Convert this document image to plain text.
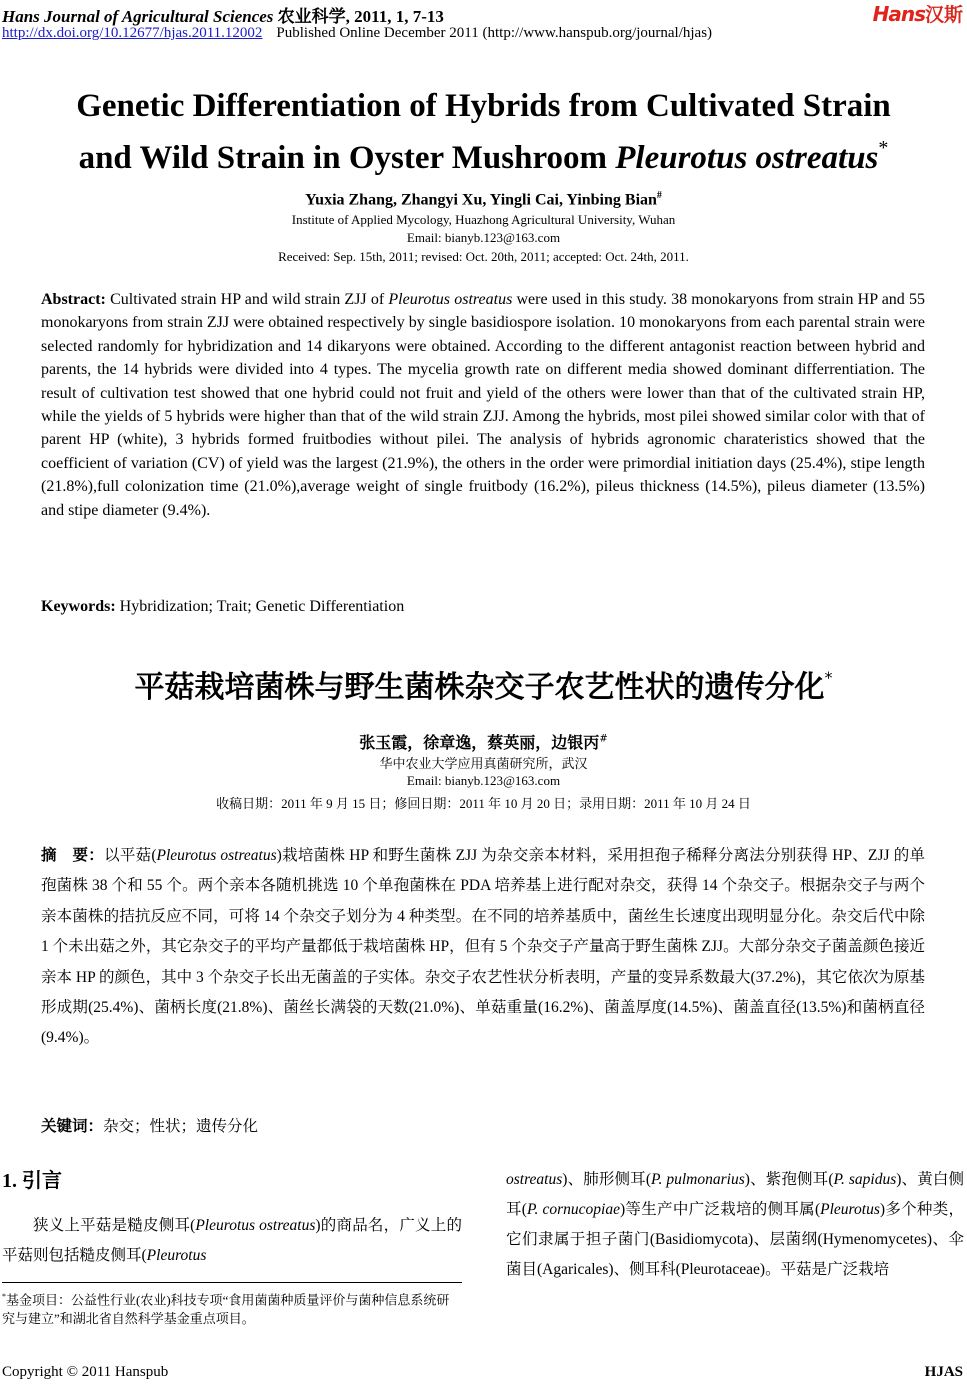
Hans Journal of Agricultural Sciences 农业科学, 2011, 1, 7-13	Hans汉斯
http://dx.doi.org/10.12677/hjas.2011.12002 Published Online December 2011 (http://www.hanspub.org/journal/hjas)
Genetic Differentiation of Hybrids from Cultivated Strain
and Wild Strain in Oyster Mushroom Pleurotus ostreatus*
Yuxia Zhang, Zhangyi Xu, Yingli Cai, Yinbing Bian#
Institute of Applied Mycology, Huazhong Agricultural University, Wuhan
Email: bianyb.123@163.com
Received: Sep. 15th, 2011; revised: Oct. 20th, 2011; accepted: Oct. 24th, 2011.
Abstract: Cultivated strain HP and wild strain ZJJ of Pleurotus ostreatus were used in this study. 38 monokaryons from strain HP and 55 monokaryons from strain ZJJ were obtained respectively by single basidiospore isolation. 10 monokaryons from each parental strain were selected randomly for hybridization and 14 dikaryons were obtained. According to the different antagonist reaction between hybrid and parents, the 14 hybrids were divided into 4 types. The mycelia growth rate on different media showed dominant differrentiation. The result of cultivation test showed that one hybrid could not fruit and yield of the others were lower than that of the cultivated strain HP, while the yields of 5 hybrids were higher than that of the wild strain ZJJ. Among the hybrids, most pilei showed similar color with that of parent HP (white), 3 hybrids formed fruitbodies without pilei. The analysis of hybrids agronomic charateristics showed that the coefficient of variation (CV) of yield was the largest (21.9%), the others in the order were primordial initiation days (25.4%), stipe length (21.8%),full colonization time (21.0%),average weight of single fruitbody (16.2%), pileus thickness (14.5%), pileus diameter (13.5%) and stipe diameter (9.4%).
Keywords: Hybridization; Trait; Genetic Differentiation
平菇栽培菌株与野生菌株杂交子农艺性状的遗传分化*
张玉霞，徐章逸，蔡英丽，边银丙#
华中农业大学应用真菌研究所，武汉
Email: bianyb.123@163.com
收稿日期：2011 年 9 月 15 日；修回日期：2011 年 10 月 20 日；录用日期：2011 年 10 月 24 日
摘　要：以平菇(Pleurotus ostreatus)栽培菌株 HP 和野生菌株 ZJJ 为杂交亲本材料，采用担孢子稀释分离法分别获得 HP、ZJJ 的单孢菌株 38 个和 55 个。两个亲本各随机挑选 10 个单孢菌株在 PDA 培养基上进行配对杂交，获得 14 个杂交子。根据杂交子与两个亲本菌株的拮抗反应不同，可将 14 个杂交子划分为 4 种类型。在不同的培养基质中，菌丝生长速度出现明显分化。杂交后代中除 1 个未出菇之外，其它杂交子的平均产量都低于栽培菌株 HP，但有 5 个杂交子产量高于野生菌株 ZJJ。大部分杂交子菌盖颜色接近亲本 HP 的颜色，其中 3 个杂交子长出无菌盖的子实体。杂交子农艺性状分析表明，产量的变异系数最大(37.2%)，其它依次为原基形成期(25.4%)、菌柄长度(21.8%)、菌丝长满袋的天数(21.0%)、单菇重量(16.2%)、菌盖厚度(14.5%)、菌盖直径(13.5%)和菌柄直径(9.4%)。
关键词：杂交；性状；遗传分化
1. 引言

狭义上平菇是糙皮侧耳(Pleurotus ostreatus)的商品名，广义上的平菇则包括糙皮侧耳(Pleurotus

*基金项目：公益性行业(农业)科技专项“食用菌菌种质量评价与菌种信息系统研究与建立”和湖北省自然科学基金重点项目。

ostreatus)、肺形侧耳(P. pulmonarius)、紫孢侧耳(P. sapidus)、黄白侧耳(P. cornucopiae)等生产中广泛栽培的侧耳属(Pleurotus)多个种类，它们隶属于担子菌门(Basidiomycota)、层菌纲(Hymenomycetes)、伞菌目(Agaricales)、侧耳科(Pleurotaceae)。平菇是广泛栽培

Copyright © 2011 Hanspub	HJAS
